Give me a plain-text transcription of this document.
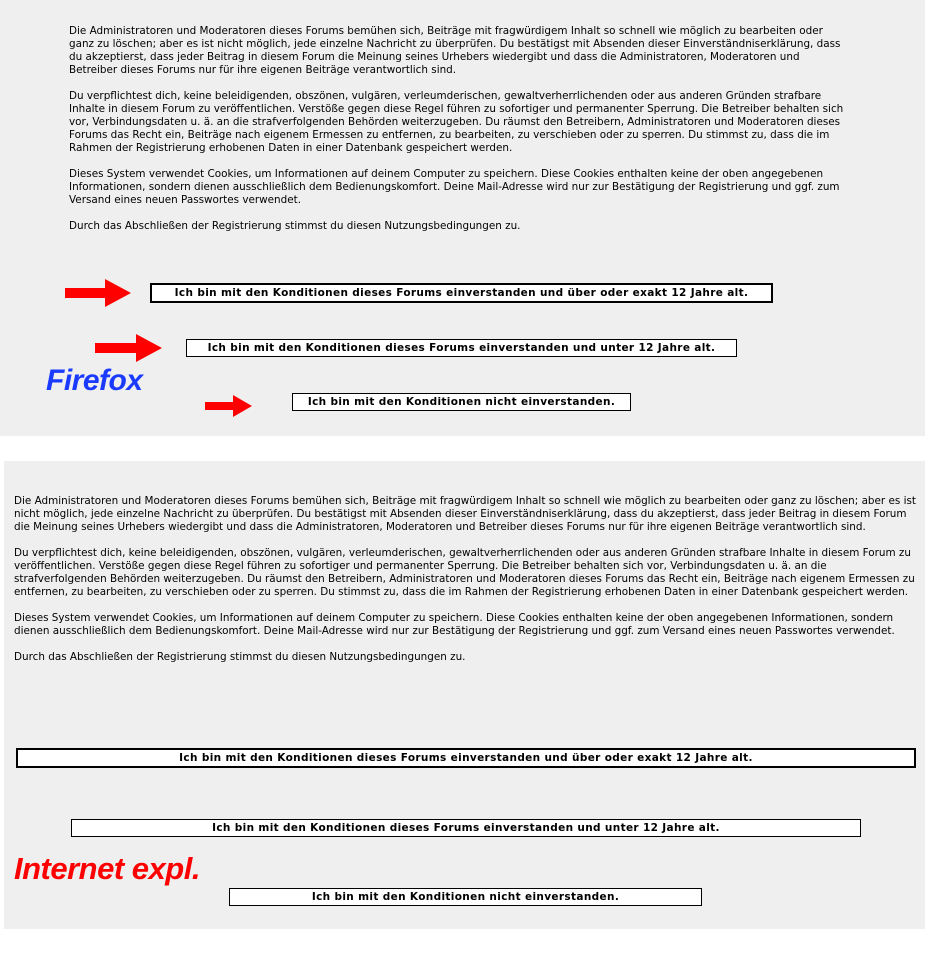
Die Administratoren und Moderatoren dieses Forums bemühen sich, Beiträge mit fragwürdigem Inhalt so schnell wie möglich zu bearbeiten oder ganz zu löschen; aber es ist nicht möglich, jede einzelne Nachricht zu überprüfen. Du bestätigst mit Absenden dieser Einverständniserklärung, dass du akzeptierst, dass jeder Beitrag in diesem Forum die Meinung seines Urhebers wiedergibt und dass die Administratoren, Moderatoren und Betreiber dieses Forums nur für ihre eigenen Beiträge verantwortlich sind.

Du verpflichtest dich, keine beleidigenden, obszönen, vulgären, verleumderischen, gewaltverherrlichenden oder aus anderen Gründen strafbare Inhalte in diesem Forum zu veröffentlichen. Verstöße gegen diese Regel führen zu sofortiger und permanenter Sperrung. Die Betreiber behalten sich vor, Verbindungsdaten u. ä. an die strafverfolgenden Behörden weiterzugeben. Du räumst den Betreibern, Administratoren und Moderatoren dieses Forums das Recht ein, Beiträge nach eigenem Ermessen zu entfernen, zu bearbeiten, zu verschieben oder zu sperren. Du stimmst zu, dass die im Rahmen der Registrierung erhobenen Daten in einer Datenbank gespeichert werden.

Dieses System verwendet Cookies, um Informationen auf deinem Computer zu speichern. Diese Cookies enthalten keine der oben angegebenen Informationen, sondern dienen ausschließlich dem Bedienungskomfort. Deine Mail-Adresse wird nur zur Bestätigung der Registrierung und ggf. zum Versand eines neuen Passwortes verwendet.

Durch das Abschließen der Registrierung stimmst du diesen Nutzungsbedingungen zu.

Ich bin mit den Konditionen dieses Forums einverstanden und über oder exakt 12 Jahre alt.
Ich bin mit den Konditionen dieses Forums einverstanden und unter 12 Jahre alt.
Firefox
Ich bin mit den Konditionen nicht einverstanden.

Die Administratoren und Moderatoren dieses Forums bemühen sich, Beiträge mit fragwürdigem Inhalt so schnell wie möglich zu bearbeiten oder ganz zu löschen; aber es ist nicht möglich, jede einzelne Nachricht zu überprüfen. Du bestätigst mit Absenden dieser Einverständniserklärung, dass du akzeptierst, dass jeder Beitrag in diesem Forum die Meinung seines Urhebers wiedergibt und dass die Administratoren, Moderatoren und Betreiber dieses Forums nur für ihre eigenen Beiträge verantwortlich sind.

Du verpflichtest dich, keine beleidigenden, obszönen, vulgären, verleumderischen, gewaltverherrlichenden oder aus anderen Gründen strafbare Inhalte in diesem Forum zu veröffentlichen. Verstöße gegen diese Regel führen zu sofortiger und permanenter Sperrung. Die Betreiber behalten sich vor, Verbindungsdaten u. ä. an die strafverfolgenden Behörden weiterzugeben. Du räumst den Betreibern, Administratoren und Moderatoren dieses Forums das Recht ein, Beiträge nach eigenem Ermessen zu entfernen, zu bearbeiten, zu verschieben oder zu sperren. Du stimmst zu, dass die im Rahmen der Registrierung erhobenen Daten in einer Datenbank gespeichert werden.

Dieses System verwendet Cookies, um Informationen auf deinem Computer zu speichern. Diese Cookies enthalten keine der oben angegebenen Informationen, sondern dienen ausschließlich dem Bedienungskomfort. Deine Mail-Adresse wird nur zur Bestätigung der Registrierung und ggf. zum Versand eines neuen Passwortes verwendet.

Durch das Abschließen der Registrierung stimmst du diesen Nutzungsbedingungen zu.

Ich bin mit den Konditionen dieses Forums einverstanden und über oder exakt 12 Jahre alt.
Ich bin mit den Konditionen dieses Forums einverstanden und unter 12 Jahre alt.
Internet expl.
Ich bin mit den Konditionen nicht einverstanden.
